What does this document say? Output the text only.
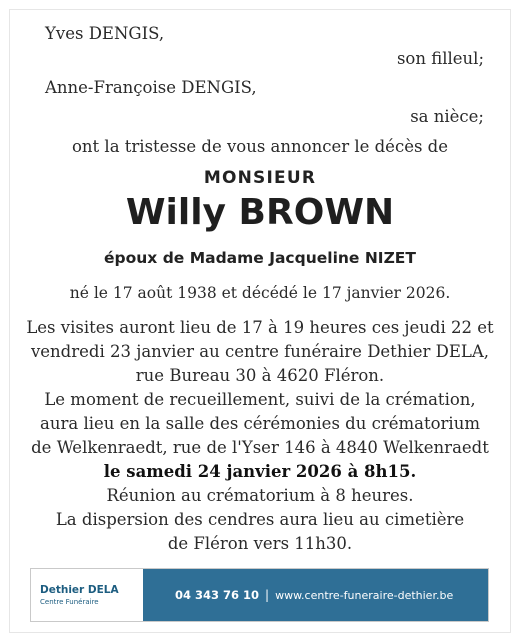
Yves DENGIS,
son filleul;
Anne-Françoise DENGIS,
sa nièce;
ont la tristesse de vous annoncer le décès de
MONSIEUR
Willy BROWN
époux de Madame Jacqueline NIZET
né le 17 août 1938 et décédé le 17 janvier 2026.
Les visites auront lieu de 17 à 19 heures ces jeudi 22 et
vendredi 23 janvier au centre funéraire Dethier DELA,
rue Bureau 30 à 4620 Fléron.
Le moment de recueillement, suivi de la crémation,
aura lieu en la salle des cérémonies du crématorium
de Welkenraedt, rue de l'Yser 146 à 4840 Welkenraedt
le samedi 24 janvier 2026 à 8h15.
Réunion au crématorium à 8 heures.
La dispersion des cendres aura lieu au cimetière
de Fléron vers 11h30.
Dethier DELA
Centre Funéraire	04 343 76 10 | www.centre-funeraire-dethier.be
